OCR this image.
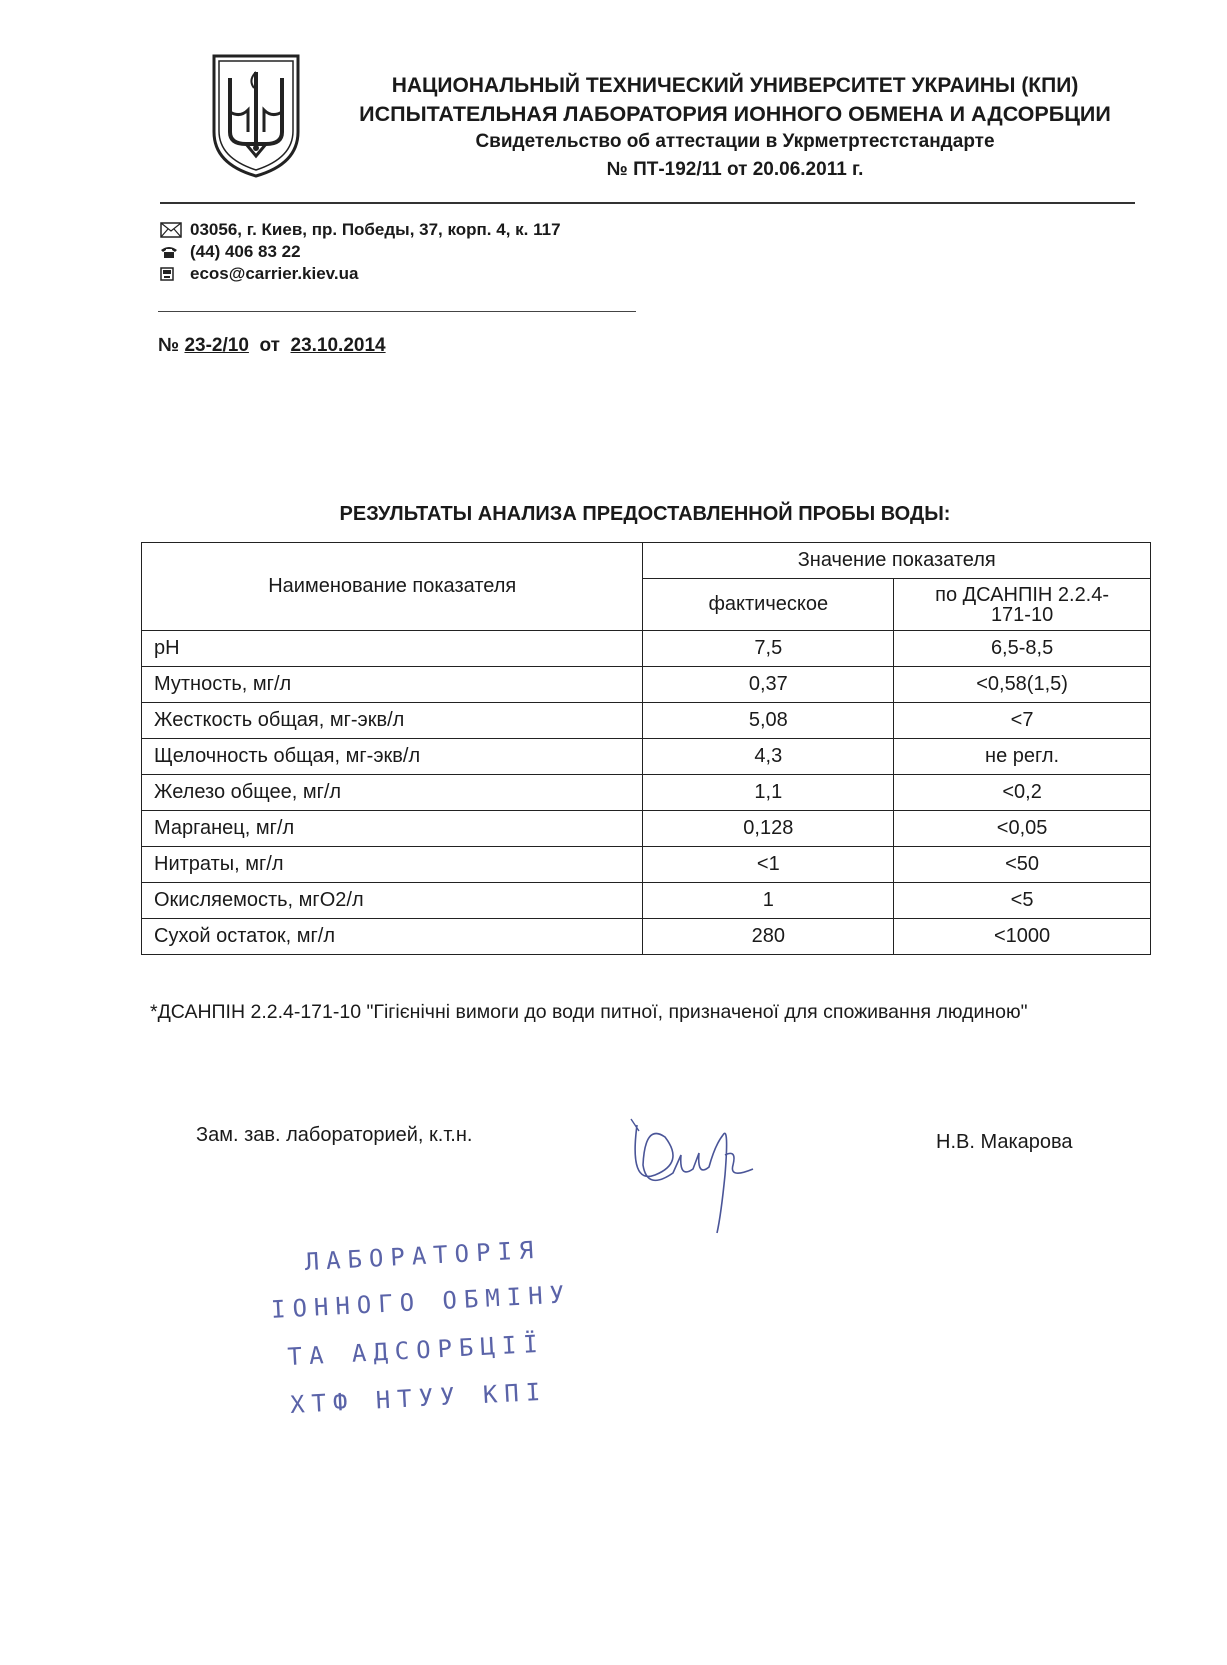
НАЦИОНАЛЬНЫЙ ТЕХНИЧЕСКИЙ УНИВЕРСИТЕТ УКРАИНЫ (КПИ)
ИСПЫТАТЕЛЬНАЯ ЛАБОРАТОРИЯ ИОННОГО ОБМЕНА И АДСОРБЦИИ
Свидетельство об аттестации в Укрметртестстандарте
№ ПТ-192/11 от 20.06.2011 г.
03056, г. Киев, пр. Победы, 37, корп. 4, к. 117
(44) 406 83 22
ecos@carrier.kiev.ua
№ 23-2/10 от 23.10.2014
РЕЗУЛЬТАТЫ АНАЛИЗА ПРЕДОСТАВЛЕННОЙ ПРОБЫ ВОДЫ:
Наименование показателя	Значение показателя	
	фактическое	по ДСАНПІН 2.2.4-171-10
pH	7,5	6,5-8,5
Мутность, мг/л	0,37	<0,58(1,5)
Жесткость общая, мг-экв/л	5,08	<7
Щелочность общая, мг-экв/л	4,3	не регл.
Железо общее, мг/л	1,1	<0,2
Марганец, мг/л	0,128	<0,05
Нитраты, мг/л	<1	<50
Окисляемость, мгО2/л	1	<5
Сухой остаток, мг/л	280	<1000
*ДСАНПІН 2.2.4-171-10 "Гігієнічні вимоги до води питної, призначеної для споживання людиною"
Зам. зав. лабораторией, к.т.н.	Н.В. Макарова
ЛАБОРАТОРІЯ
ІОННОГО ОБМІНУ
ТА АДСОРБЦІЇ
ХТФ НТУУ КПІ
